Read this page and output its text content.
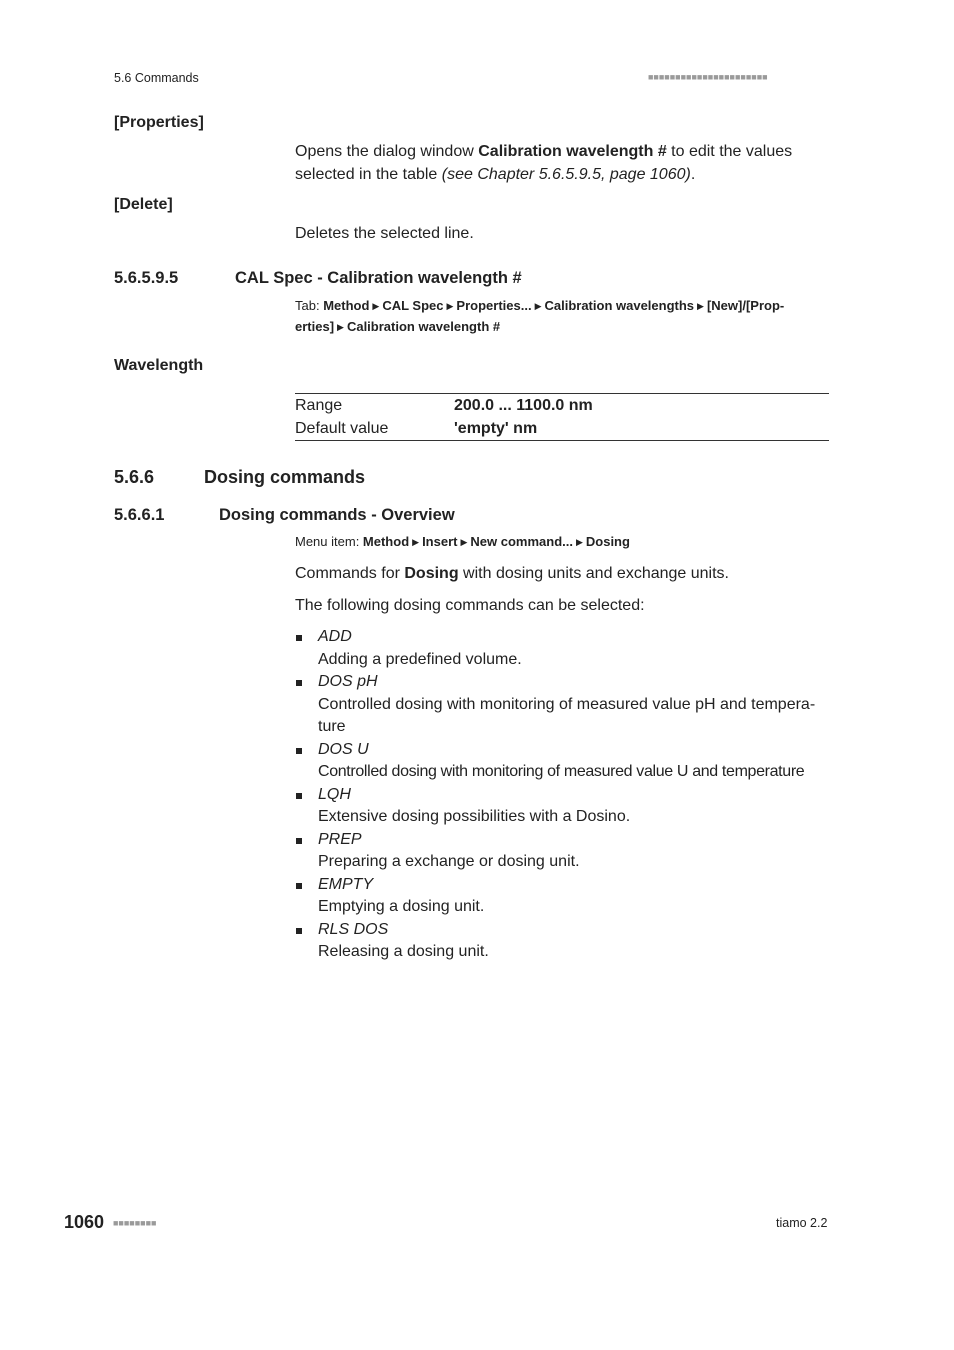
5.6 Commands	■■■■■■■■■■■■■■■■■■■■■■
[Properties]
Opens the dialog window Calibration wavelength # to edit the values selected in the table (see Chapter 5.6.5.9.5, page 1060).
[Delete]
Deletes the selected line.
5.6.5.9.5	CAL Spec - Calibration wavelength #
Tab: Method ▶ CAL Spec ▶ Properties... ▶ Calibration wavelengths ▶ [New]/[Prop-erties] ▶ Calibration wavelength #
Wavelength
Range	200.0 ... 1100.0 nm
Default value	'empty' nm
5.6.6	Dosing commands
5.6.6.1	Dosing commands - Overview
Menu item: Method ▶ Insert ▶ New command... ▶ Dosing
Commands for Dosing with dosing units and exchange units.
The following dosing commands can be selected:
ADD
Adding a predefined volume.
DOS pH
Controlled dosing with monitoring of measured value pH and tempera-ture
DOS U
Controlled dosing with monitoring of measured value U and temperature
LQH
Extensive dosing possibilities with a Dosino.
PREP
Preparing a exchange or dosing unit.
EMPTY
Emptying a dosing unit.
RLS DOS
Releasing a dosing unit.
1060 ■■■■■■■■	tiamo 2.2
